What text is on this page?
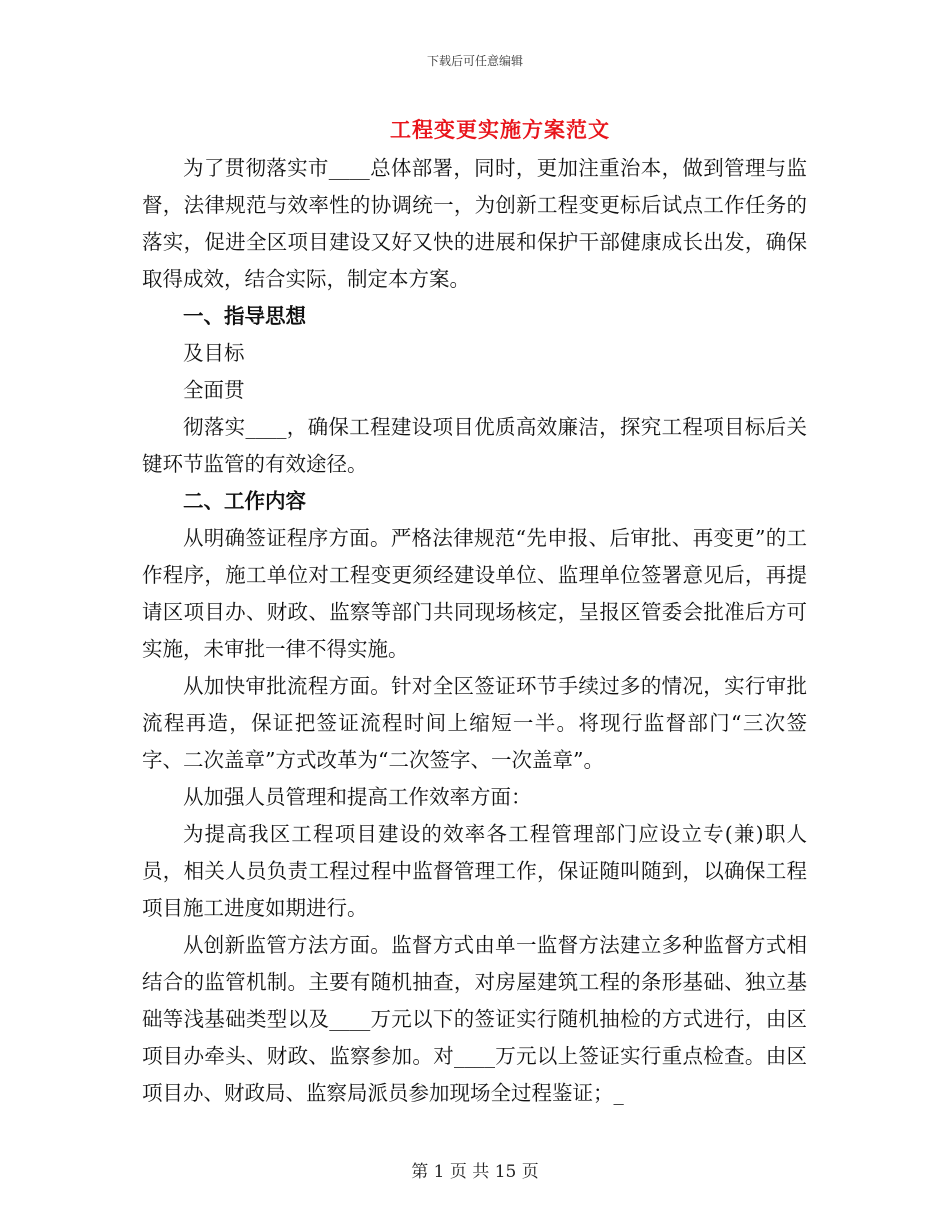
下载后可任意编辑
工程变更实施方案范文

为了贯彻落实市____总体部署，同时，更加注重治本，做到管理与监督，法律规范与效率性的协调统一，为创新工程变更标后试点工作任务的落实，促进全区项目建设又好又快的进展和保护干部健康成长出发，确保取得成效，结合实际，制定本方案。

一、指导思想

及目标

全面贯

彻落实____，确保工程建设项目优质高效廉洁，探究工程项目标后关键环节监管的有效途径。

二、工作内容

从明确签证程序方面。严格法律规范“先申报、后审批、再变更”的工作程序，施工单位对工程变更须经建设单位、监理单位签署意见后，再提请区项目办、财政、监察等部门共同现场核定，呈报区管委会批准后方可实施，未审批一律不得实施。

从加快审批流程方面。针对全区签证环节手续过多的情况，实行审批流程再造，保证把签证流程时间上缩短一半。将现行监督部门“三次签字、二次盖章”方式改革为“二次签字、一次盖章”。

从加强人员管理和提高工作效率方面：

为提高我区工程项目建设的效率各工程管理部门应设立专(兼)职人员，相关人员负责工程过程中监督管理工作，保证随叫随到，以确保工程项目施工进度如期进行。

从创新监管方法方面。监督方式由单一监督方法建立多种监督方式相结合的监管机制。主要有随机抽查，对房屋建筑工程的条形基础、独立基础等浅基础类型以及____万元以下的签证实行随机抽检的方式进行，由区项目办牵头、财政、监察参加。对____万元以上签证实行重点检查。由区项目办、财政局、监察局派员参加现场全过程鉴证；_

第 1 页 共 15 页
